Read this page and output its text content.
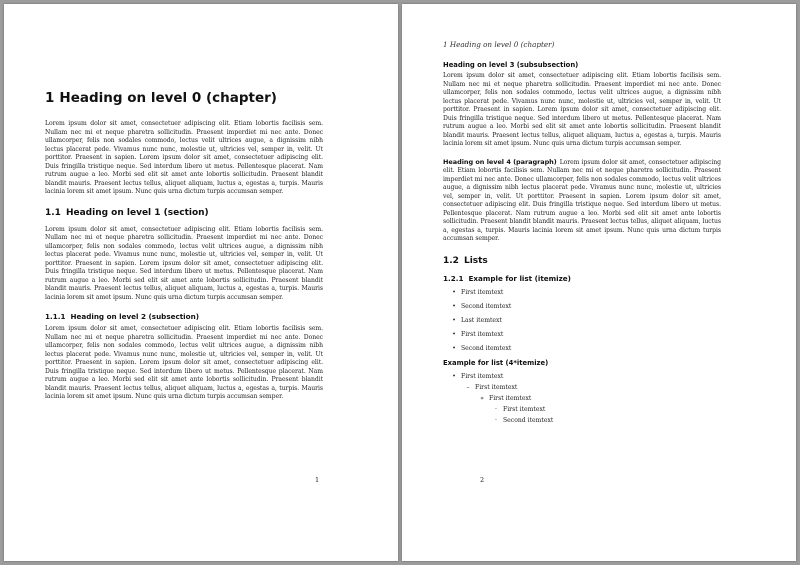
1 Heading on level 0 (chapter)

Lorem ipsum dolor sit amet, consectetuer adipiscing elit. Etiam lobortis facilisis sem. Nullam nec mi et neque pharetra sollicitudin. Praesent imperdiet mi nec ante. Donec ullamcorper, felis non sodales commodo, lectus velit ultrices augue, a dignissim nibh lectus placerat pede. Vivamus nunc nunc, molestie ut, ultricies vel, semper in, velit. Ut porttitor. Praesent in sapien. Lorem ipsum dolor sit amet, consectetuer adipiscing elit. Duis fringilla tristique neque. Sed interdum libero ut metus. Pellentesque placerat. Nam rutrum augue a leo. Morbi sed elit sit amet ante lobortis sollicitudin. Praesent blandit blandit mauris. Praesent lectus tellus, aliquet aliquam, luctus a, egestas a, turpis. Mauris lacinia lorem sit amet ipsum. Nunc quis urna dictum turpis accumsan semper.

1.1 Heading on level 1 (section)

Lorem ipsum dolor sit amet, consectetuer adipiscing elit. Etiam lobortis facilisis sem. Nullam nec mi et neque pharetra sollicitudin. Praesent imperdiet mi nec ante. Donec ullamcorper, felis non sodales commodo, lectus velit ultrices augue, a dignissim nibh lectus placerat pede. Vivamus nunc nunc, molestie ut, ultricies vel, semper in, velit. Ut porttitor. Praesent in sapien. Lorem ipsum dolor sit amet, consectetuer adipiscing elit. Duis fringilla tristique neque. Sed interdum libero ut metus. Pellentesque placerat. Nam rutrum augue a leo. Morbi sed elit sit amet ante lobortis sollicitudin. Praesent blandit blandit mauris. Praesent lectus tellus, aliquet aliquam, luctus a, egestas a, turpis. Mauris lacinia lorem sit amet ipsum. Nunc quis urna dictum turpis accumsan semper.

1.1.1 Heading on level 2 (subsection)

Lorem ipsum dolor sit amet, consectetuer adipiscing elit. Etiam lobortis facilisis sem. Nullam nec mi et neque pharetra sollicitudin. Praesent imperdiet mi nec ante. Donec ullamcorper, felis non sodales commodo, lectus velit ultrices augue, a dignissim nibh lectus placerat pede. Vivamus nunc nunc, molestie ut, ultricies vel, semper in, velit. Ut porttitor. Praesent in sapien. Lorem ipsum dolor sit amet, consectetuer adipiscing elit. Duis fringilla tristique neque. Sed interdum libero ut metus. Pellentesque placerat. Nam rutrum augue a leo. Morbi sed elit sit amet ante lobortis sollicitudin. Praesent blandit blandit mauris. Praesent lectus tellus, aliquet aliquam, luctus a, egestas a, turpis. Mauris lacinia lorem sit amet ipsum. Nunc quis urna dictum turpis accumsan semper.

1
1 Heading on level 0 (chapter)
Heading on level 3 (subsubsection)

Lorem ipsum dolor sit amet, consectetuer adipiscing elit. Etiam lobortis facilisis sem. Nullam nec mi et neque pharetra sollicitudin. Praesent imperdiet mi nec ante. Donec ullamcorper, felis non sodales commodo, lectus velit ultrices augue, a dignissim nibh lectus placerat pede. Vivamus nunc nunc, molestie ut, ultricies vel, semper in, velit. Ut porttitor. Praesent in sapien. Lorem ipsum dolor sit amet, consectetuer adipiscing elit. Duis fringilla tristique neque. Sed interdum libero ut metus. Pellentesque placerat. Nam rutrum augue a leo. Morbi sed elit sit amet ante lobortis sollicitudin. Praesent blandit blandit mauris. Praesent lectus tellus, aliquet aliquam, luctus a, egestas a, turpis. Mauris lacinia lorem sit amet ipsum. Nunc quis urna dictum turpis accumsan semper.

Heading on level 4 (paragraph) Lorem ipsum dolor sit amet, consectetuer adipiscing elit. Etiam lobortis facilisis sem. Nullam nec mi et neque pharetra sollicitudin. Praesent imperdiet mi nec ante. Donec ullamcorper, felis non sodales commodo, lectus velit ultrices augue, a dignissim nibh lectus placerat pede. Vivamus nunc nunc, molestie ut, ultricies vel, semper in, velit. Ut porttitor. Praesent in sapien. Lorem ipsum dolor sit amet, consectetuer adipiscing elit. Duis fringilla tristique neque. Sed interdum libero ut metus. Pellentesque placerat. Nam rutrum augue a leo. Morbi sed elit sit amet ante lobortis sollicitudin. Praesent blandit blandit mauris. Praesent lectus tellus, aliquet aliquam, luctus a, egestas a, turpis. Mauris lacinia lorem sit amet ipsum. Nunc quis urna dictum turpis accumsan semper.

1.2 Lists
1.2.1 Example for list (itemize)
• First itemtext
• Second itemtext
• Last itemtext
• First itemtext
• Second itemtext
Example for list (4*itemize)
• First itemtext
– First itemtext
∗ First itemtext
· First itemtext
· Second itemtext
2
